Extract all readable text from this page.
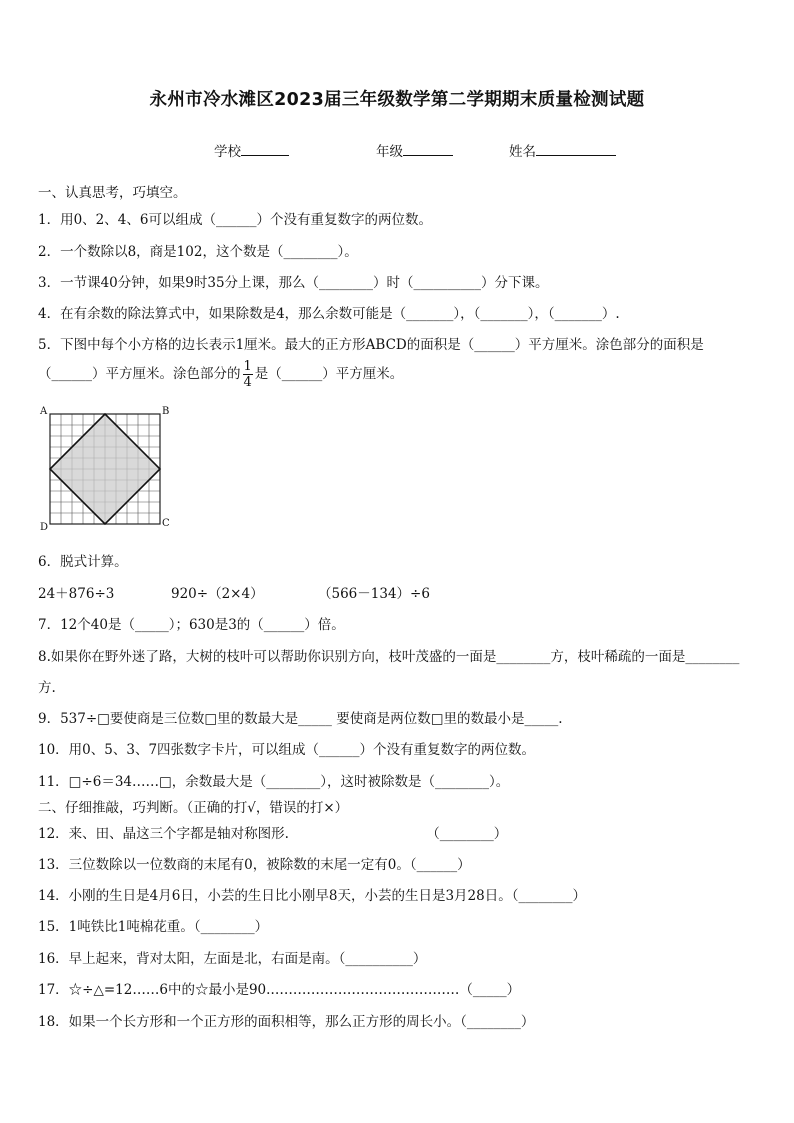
永州市冷水滩区2023届三年级数学第二学期期末质量检测试题
学校	年级	姓名
一、认真思考，巧填空。
1．用0、2、4、6可以组成（______）个没有重复数字的两位数。
2．一个数除以8，商是102，这个数是（________）。
3．一节课40分钟，如果9时35分上课，那么（________）时（__________）分下课。
4．在有余数的除法算式中，如果除数是4，那么余数可能是（_______），（_______），（_______）.
5．下图中每个小方格的边长表示1厘米。最大的正方形ABCD的面积是（______）平方厘米。涂色部分的面积是
（______）平方厘米。涂色部分的 $\frac{1}{4}$ 是（______）平方厘米。
A	B
C
D
6．脱式计算。
24＋876÷3	920÷（2×4）	（566－134）÷6
7．12个40是（_____）；630是3的（______）倍。
8.如果你在野外迷了路，大树的枝叶可以帮助你识别方向，枝叶茂盛的一面是________方，枝叶稀疏的一面是________
方.
9．537÷□要使商是三位数□里的数最大是_____ 要使商是两位数□里的数最小是_____.
10．用0、5、3、7四张数字卡片，可以组成（______）个没有重复数字的两位数。
11．□÷6＝34……□，余数最大是（________），这时被除数是（________）。
二、仔细推敲，巧判断。（正确的打√，错误的打×）
12．来、田、晶这三个字都是轴对称图形.                                （________）
13．三位数除以一位数商的末尾有0，被除数的末尾一定有0。（______）
14．小刚的生日是4月6日，小芸的生日比小刚早8天，小芸的生日是3月28日。（________）
15．1吨铁比1吨棉花重。（________）
16．早上起来，背对太阳，左面是北，右面是南。（__________）
17．☆÷△=12……6中的☆最小是90.……………………………………（_____）
18．如果一个长方形和一个正方形的面积相等，那么正方形的周长小。（________）
